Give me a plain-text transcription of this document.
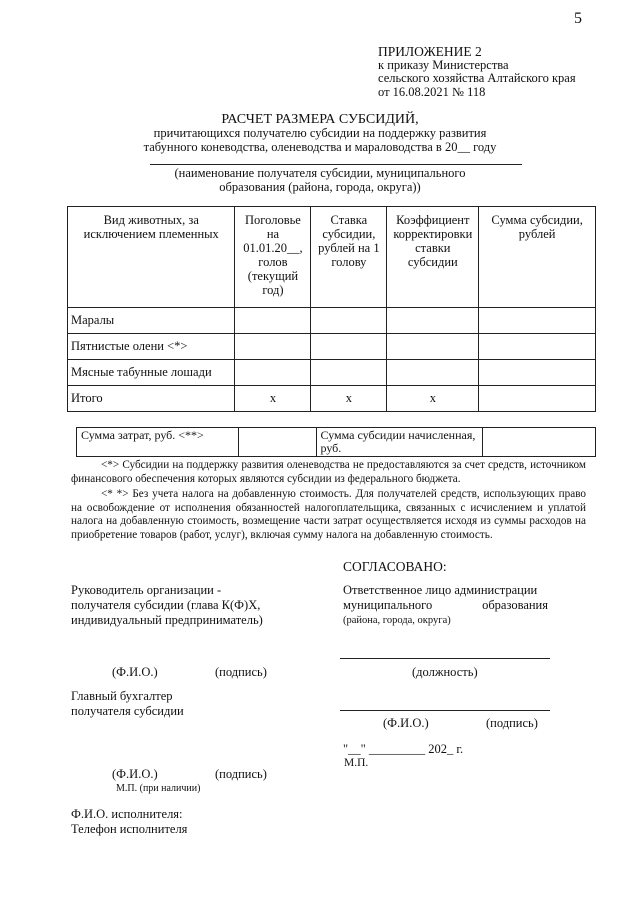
5
ПРИЛОЖЕНИЕ 2
к приказу Министерства
сельского хозяйства Алтайского края
от 16.08.2021 № 118
РАСЧЕТ РАЗМЕРА СУБСИДИЙ,
причитающихся получателю субсидии на поддержку развития
табунного коневодства, оленеводства и мараловодства в 20__ году
(наименование получателя субсидии, муниципального
образования (района, города, округа))
Вид животных, за исключением племенных	Поголовье на 01.01.20__, голов (текущий год)	Ставка субсидии, рублей на 1 голову	Коэффициент корректировки ставки субсидии	Сумма субсидии, рублей
Маралы				
Пятнистые олени <*>				
Мясные табунные лошади				
Итого	х	х	х	
Сумма затрат, руб. <**>		Сумма субсидии начисленная, руб.	
<*> Субсидии на поддержку развития оленеводства не предоставляются за счет средств, источником финансового обеспечения которых являются субсидии из федерального бюджета.
<* *> Без учета налога на добавленную стоимость. Для получателей средств, использующих право на освобождение от исполнения обязанностей налогоплательщика, связанных с исчислением и уплатой налога на добавленную стоимость, возмещение части затрат осуществляется исходя из суммы расходов на приобретение товаров (работ, услуг), включая сумму налога на добавленную стоимость.
СОГЛАСОВАНО:
Руководитель организации -
получателя субсидии (глава К(Ф)Х,
индивидуальный предприниматель)
Ответственное лицо администрации
муниципального	образования
(района, города, округа)
(Ф.И.О.)	(подпись)	(должность)
Главный бухгалтер
получателя субсидии
(Ф.И.О.)	(подпись)
"__" _________ 202_ г.
М.П.
(Ф.И.О.)	(подпись)
М.П. (при наличии)
Ф.И.О. исполнителя:
Телефон исполнителя
